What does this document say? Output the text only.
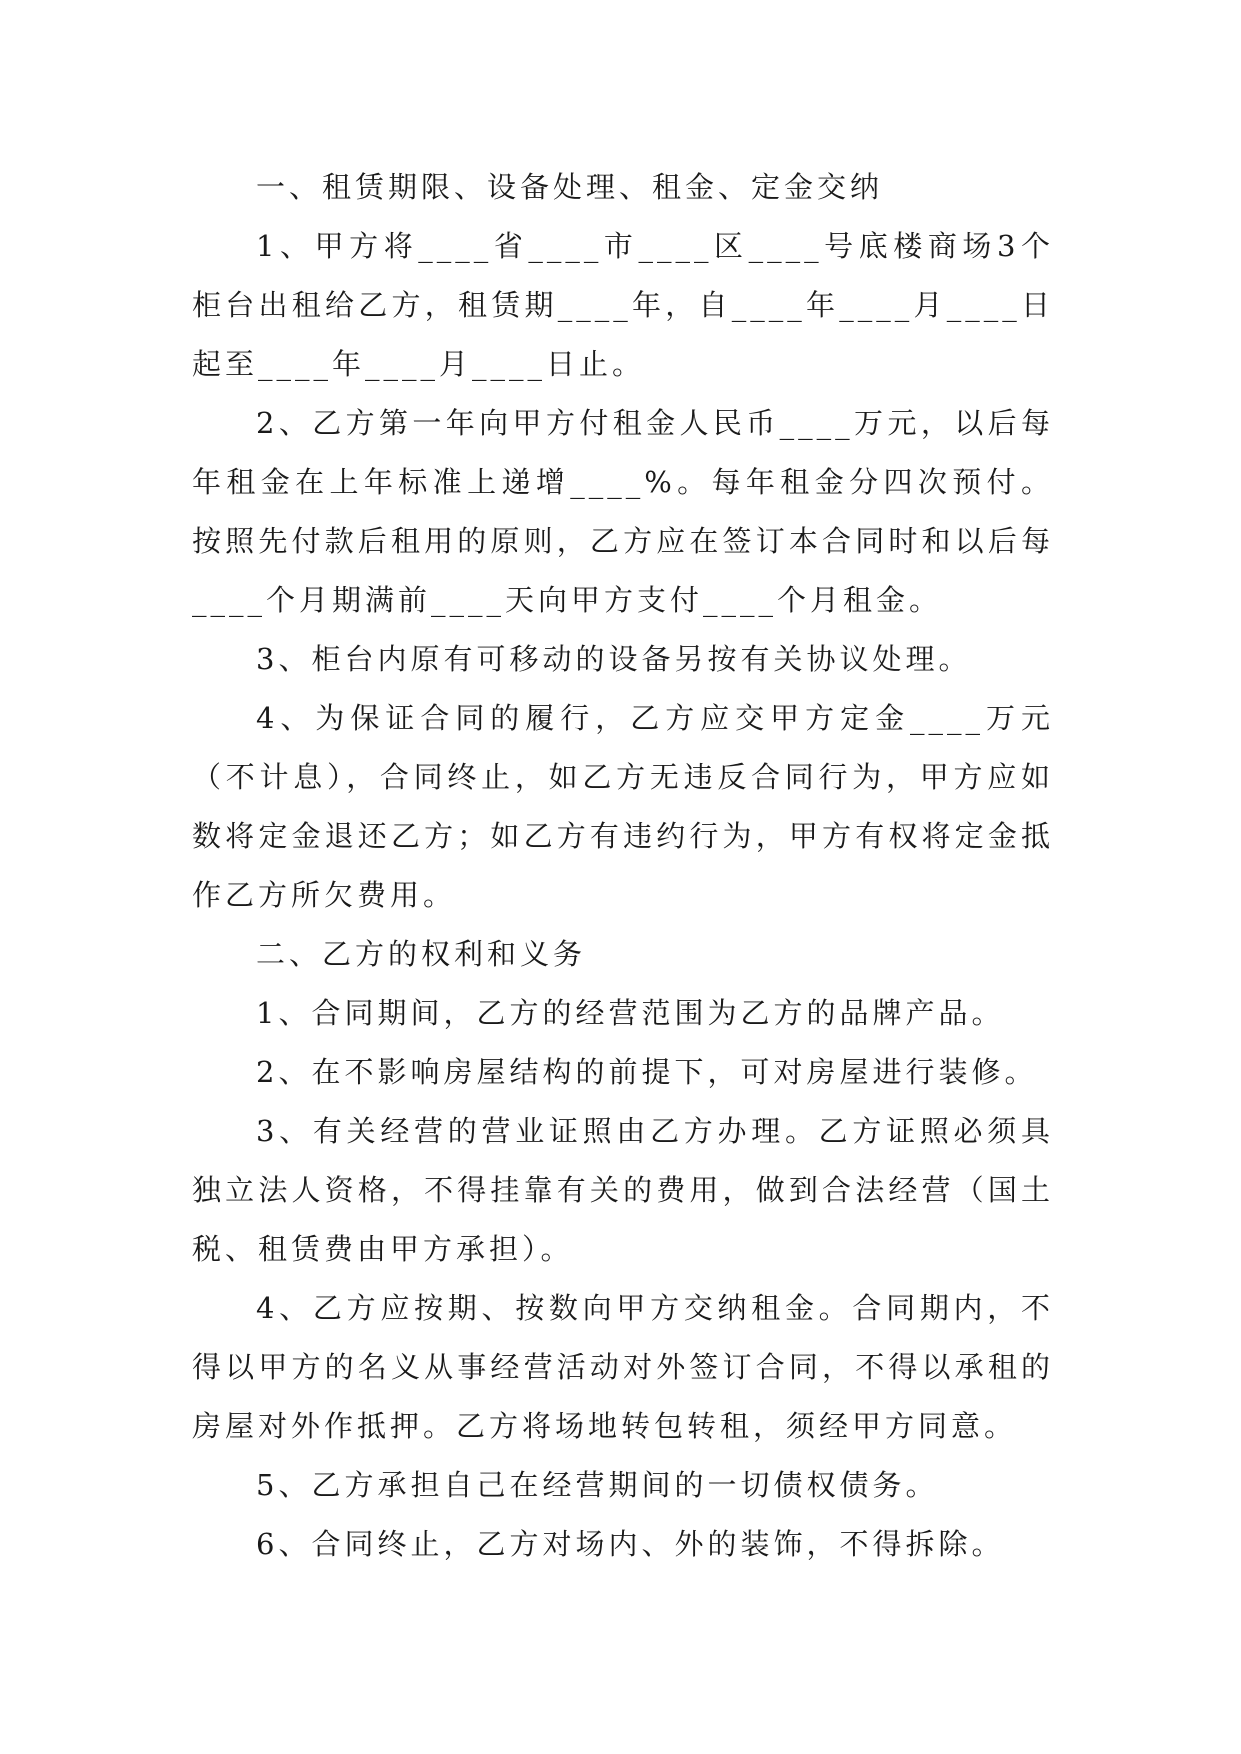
一、租赁期限、设备处理、租金、定金交纳

1、甲方将____省____市____区____号底楼商场3个柜台出租给乙方，租赁期____年，自____年____月____日起至____年____月____日止。

2、乙方第一年向甲方付租金人民币____万元，以后每年租金在上年标准上递增____%。每年租金分四次预付。按照先付款后租用的原则，乙方应在签订本合同时和以后每____个月期满前____天向甲方支付____个月租金。

3、柜台内原有可移动的设备另按有关协议处理。

4、为保证合同的履行，乙方应交甲方定金____万元（不计息），合同终止，如乙方无违反合同行为，甲方应如数将定金退还乙方；如乙方有违约行为，甲方有权将定金抵作乙方所欠费用。

二、乙方的权利和义务

1、合同期间，乙方的经营范围为乙方的品牌产品。

2、在不影响房屋结构的前提下，可对房屋进行装修。

3、有关经营的营业证照由乙方办理。乙方证照必须具独立法人资格，不得挂靠有关的费用，做到合法经营（国土税、租赁费由甲方承担）。

4、乙方应按期、按数向甲方交纳租金。合同期内，不得以甲方的名义从事经营活动对外签订合同，不得以承租的房屋对外作抵押。乙方将场地转包转租，须经甲方同意。

5、乙方承担自己在经营期间的一切债权债务。

6、合同终止，乙方对场内、外的装饰，不得拆除。
